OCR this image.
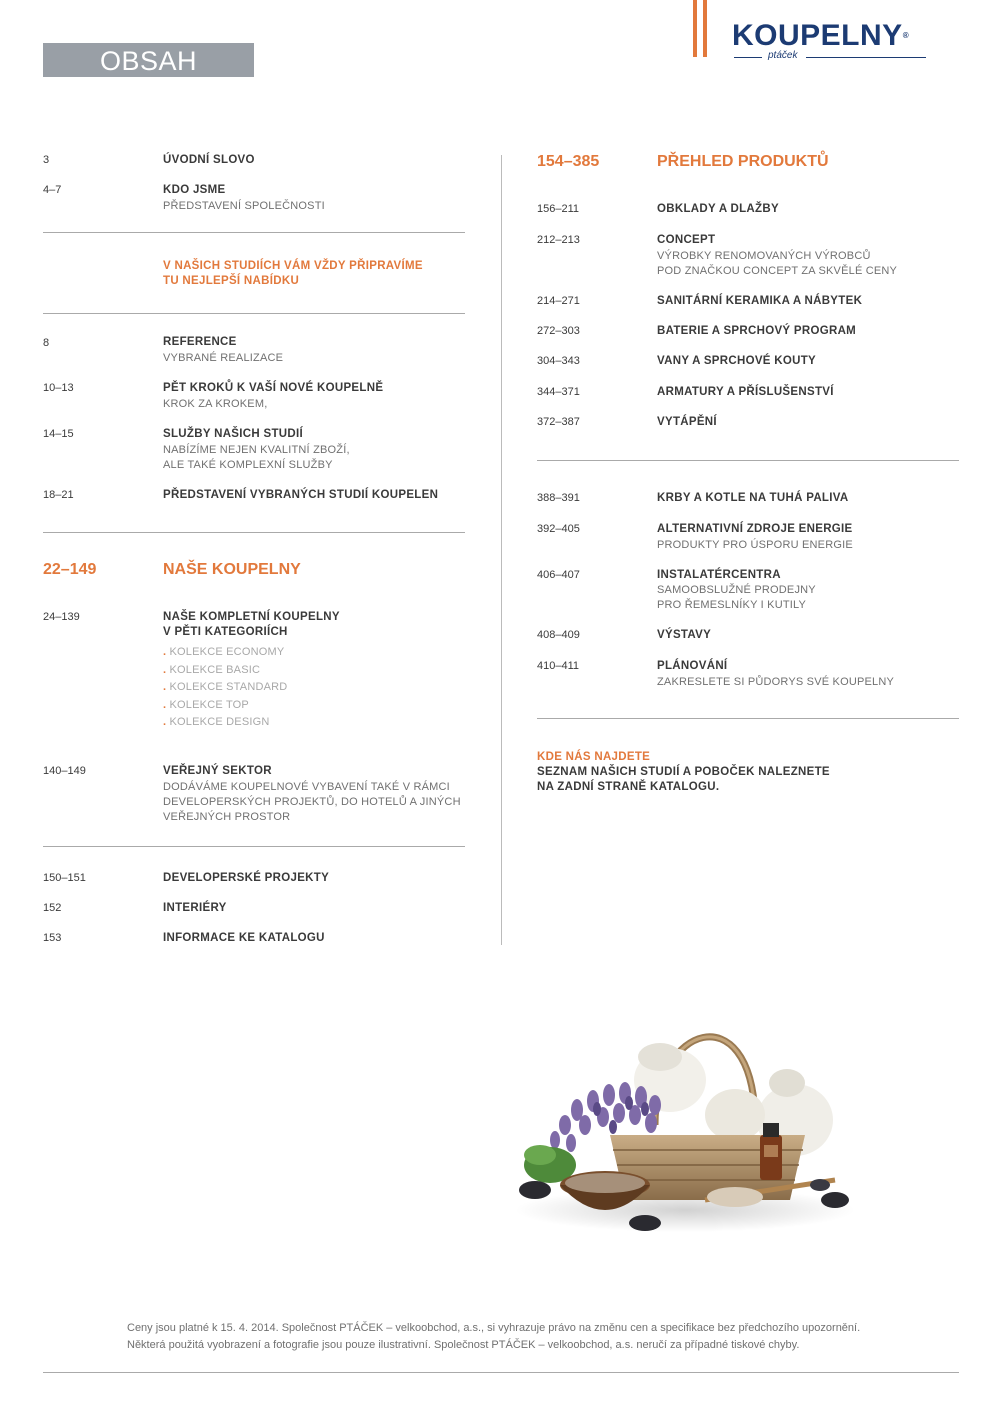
OBSAH
KOUPELNY®
ptáček
3	ÚVODNÍ SLOVO
4–7	KDO JSME
PŘEDSTAVENÍ SPOLEČNOSTI
V NAŠICH STUDIÍCH VÁM VŽDY PŘIPRAVÍME
TU NEJLEPŠÍ NABÍDKU
8	REFERENCE
VYBRANÉ REALIZACE
10–13	PĚT KROKŮ K VAŠÍ NOVÉ KOUPELNĚ
KROK ZA KROKEM,
14–15	SLUŽBY NAŠICH STUDIÍ
NABÍZÍME NEJEN KVALITNÍ ZBOŽÍ,
ALE TAKÉ KOMPLEXNÍ SLUŽBY
18–21	PŘEDSTAVENÍ VYBRANÝCH STUDIÍ KOUPELEN
22–149	NAŠE KOUPELNY
24–139	NAŠE KOMPLETNÍ KOUPELNY
V PĚTI KATEGORIÍCH
. KOLEKCE ECONOMY
. KOLEKCE BASIC
. KOLEKCE STANDARD
. KOLEKCE TOP
. KOLEKCE DESIGN
140–149	VEŘEJNÝ SEKTOR
DODÁVÁME KOUPELNOVÉ VYBAVENÍ TAKÉ V RÁMCI
DEVELOPERSKÝCH PROJEKTŮ, DO HOTELŮ A JINÝCH
VEŘEJNÝCH PROSTOR
150–151	DEVELOPERSKÉ PROJEKTY
152	INTERIÉRY
153	INFORMACE KE KATALOGU
154–385	PŘEHLED PRODUKTŮ
156–211	OBKLADY A DLAŽBY
212–213	CONCEPT
VÝROBKY RENOMOVANÝCH VÝROBCŮ
POD ZNAČKOU CONCEPT ZA SKVĚLÉ CENY
214–271	SANITÁRNÍ KERAMIKA A NÁBYTEK
272–303	BATERIE A SPRCHOVÝ PROGRAM
304–343	VANY A SPRCHOVÉ KOUTY
344–371	ARMATURY A PŘÍSLUŠENSTVÍ
372–387	VYTÁPĚNÍ
388–391	KRBY A KOTLE NA TUHÁ PALIVA
392–405	ALTERNATIVNÍ ZDROJE ENERGIE
PRODUKTY PRO ÚSPORU ENERGIE
406–407	INSTALATÉRCENTRA
SAMOOBSLUŽNÉ PRODEJNY
PRO ŘEMESLNÍKY I KUTILY
408–409	VÝSTAVY
410–411	PLÁNOVÁNÍ
ZAKRESLETE SI PŮDORYS SVÉ KOUPELNY
KDE NÁS NAJDETE
SEZNAM NAŠICH STUDIÍ A POBOČEK NALEZNETE
NA ZADNÍ STRANĚ KATALOGU.
Ceny jsou platné k 15. 4. 2014. Společnost PTÁČEK – velkoobchod, a.s., si vyhrazuje právo na změnu cen a specifikace bez předchozího upozornění.
Některá použitá vyobrazení a fotografie jsou pouze ilustrativní. Společnost PTÁČEK – velkoobchod, a.s. neručí za případné tiskové chyby.
